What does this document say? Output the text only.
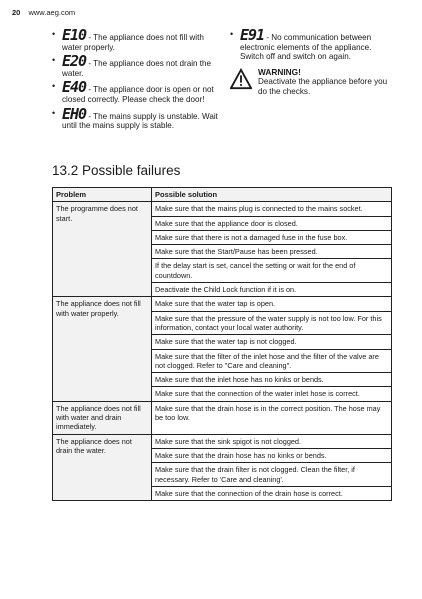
20 www.aeg.com
• E10 - The appliance does not fill with water properly.
• E20 - The appliance does not drain the water.
• E40 - The appliance door is open or not closed correctly. Please check the door!
• EH0 - The mains supply is unstable. Wait until the mains supply is stable.
• E91 - No communication between electronic elements of the appliance. Switch off and switch on again.
WARNING!
Deactivate the appliance before you do the checks.
13.2 Possible failures
Problem	Possible solution
The programme does not start.	Make sure that the mains plug is connected to the mains socket.
	Make sure that the appliance door is closed.
	Make sure that there is not a damaged fuse in the fuse box.
	Make sure that the Start/Pause has been pressed.
	If the delay start is set, cancel the setting or wait for the end of countdown.
	Deactivate the Child Lock function if it is on.
The appliance does not fill with water properly.	Make sure that the water tap is open.
	Make sure that the pressure of the water supply is not too low. For this information, contact your local water authority.
	Make sure that the water tap is not clogged.
	Make sure that the filter of the inlet hose and the filter of the valve are not clogged. Refer to "Care and cleaning".
	Make sure that the inlet hose has no kinks or bends.
	Make sure that the connection of the water inlet hose is correct.
The appliance does not fill with water and drain immediately.	Make sure that the drain hose is in the correct position. The hose may be too low.
The appliance does not drain the water.	Make sure that the sink spigot is not clogged.
	Make sure that the drain hose has no kinks or bends.
	Make sure that the drain filter is not clogged. Clean the filter, if necessary. Refer to 'Care and cleaning'.
	Make sure that the connection of the drain hose is correct.
